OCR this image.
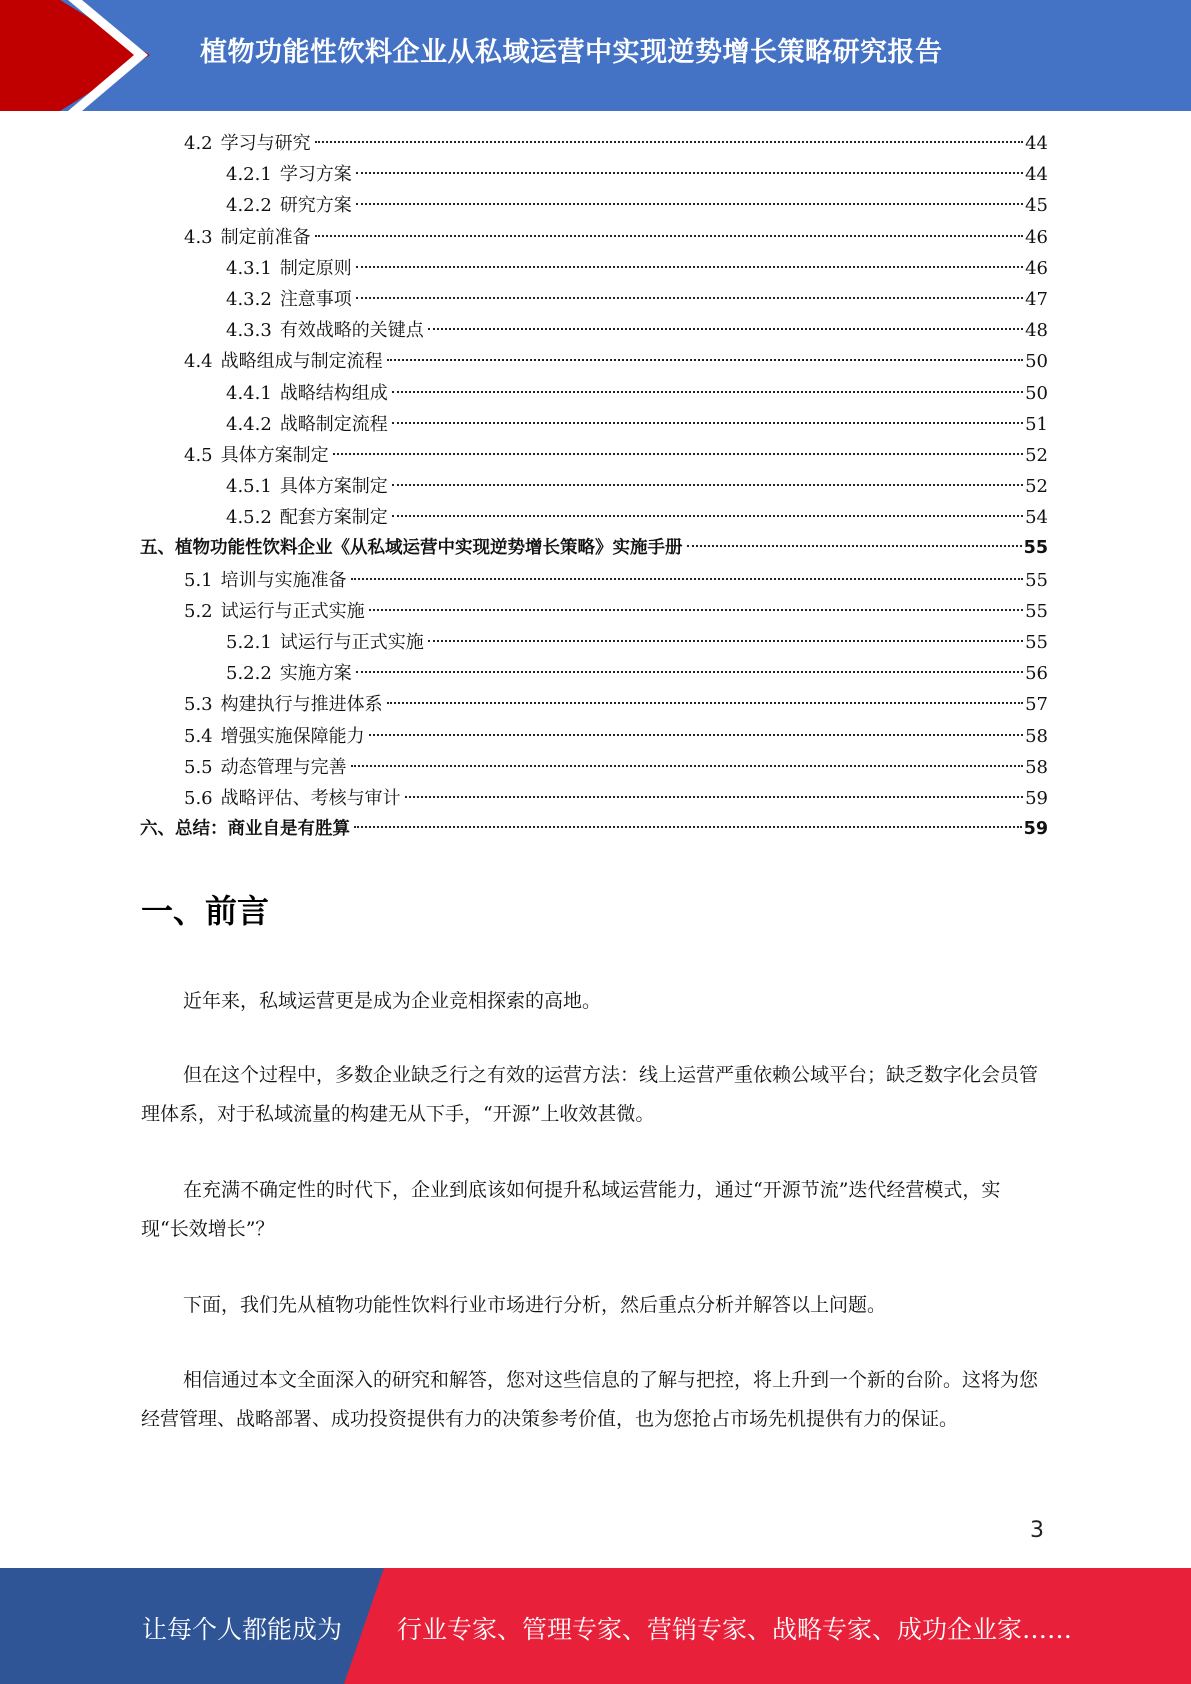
植物功能性饮料企业从私域运营中实现逆势增长策略研究报告
4.2 学习与研究	44
4.2.1 学习方案	44
4.2.2 研究方案	45
4.3 制定前准备	46
4.3.1 制定原则	46
4.3.2 注意事项	47
4.3.3 有效战略的关键点	48
4.4 战略组成与制定流程	50
4.4.1 战略结构组成	50
4.4.2 战略制定流程	51
4.5 具体方案制定	52
4.5.1 具体方案制定	52
4.5.2 配套方案制定	54
五、植物功能性饮料企业《从私域运营中实现逆势增长策略》实施手册	55
5.1 培训与实施准备	55
5.2 试运行与正式实施	55
5.2.1 试运行与正式实施	55
5.2.2 实施方案	56
5.3 构建执行与推进体系	57
5.4 增强实施保障能力	58
5.5 动态管理与完善	58
5.6 战略评估、考核与审计	59
六、总结：商业自是有胜算	59
一、前言

近年来，私域运营更是成为企业竞相探索的高地。

但在这个过程中，多数企业缺乏行之有效的运营方法：线上运营严重依赖公域平台；缺乏数字化会员管理体系，对于私域流量的构建无从下手，“开源”上收效甚微。

在充满不确定性的时代下，企业到底该如何提升私域运营能力，通过“开源节流”迭代经营模式，实现“长效增长”？

下面，我们先从植物功能性饮料行业市场进行分析，然后重点分析并解答以上问题。

相信通过本文全面深入的研究和解答，您对这些信息的了解与把控，将上升到一个新的台阶。这将为您经营管理、战略部署、成功投资提供有力的决策参考价值，也为您抢占市场先机提供有力的保证。

3
让每个人都能成为 行业专家、管理专家、营销专家、战略专家、成功企业家……
